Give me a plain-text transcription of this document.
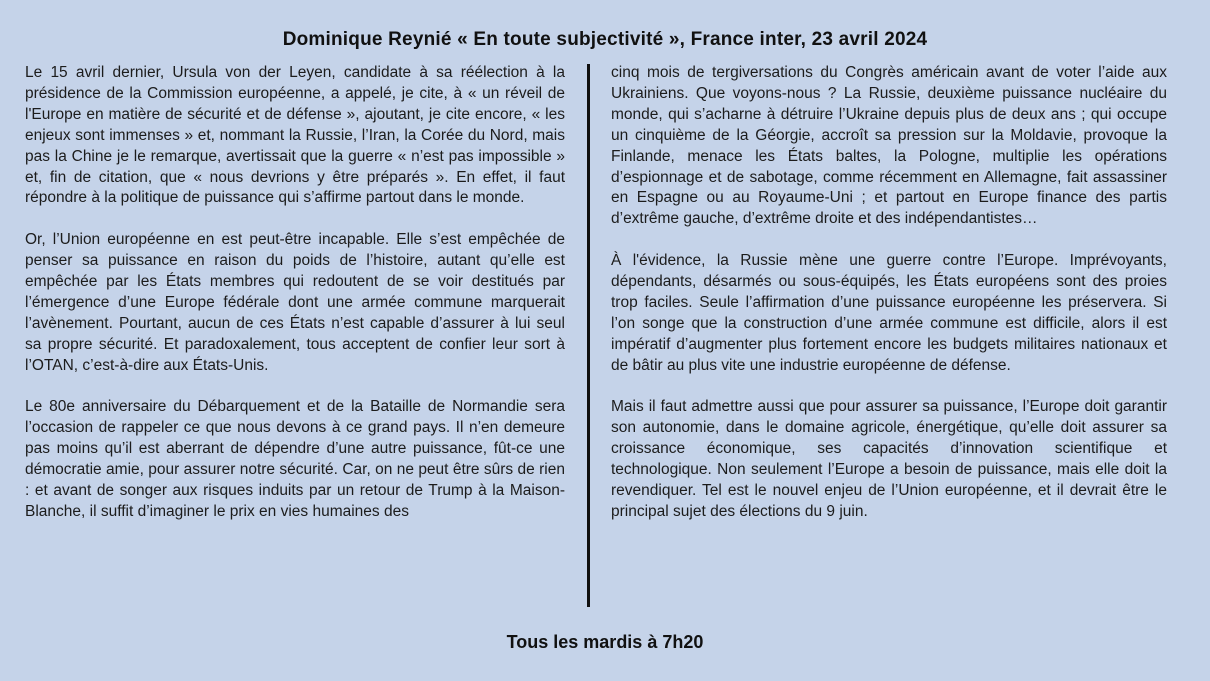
Dominique Reynié « En toute subjectivité », France inter, 23 avril 2024

Le 15 avril dernier, Ursula von der Leyen, candidate à sa réélection à la présidence de la Commission européenne, a appelé, je cite, à « un réveil de l'Europe en matière de sécurité et de défense », ajoutant, je cite encore, « les enjeux sont immenses » et, nommant la Russie, l’Iran, la Corée du Nord, mais pas la Chine je le remarque, avertissait que la guerre « n’est pas impossible » et, fin de citation, que « nous devrions y être préparés ». En effet, il faut répondre à la politique de puissance qui s’affirme partout dans le monde.

Or, l’Union européenne en est peut-être incapable. Elle s’est empêchée de penser sa puissance en raison du poids de l’histoire, autant qu’elle est empêchée par les États membres qui redoutent de se voir destitués par l’émergence d’une Europe fédérale dont une armée commune marquerait l’avènement. Pourtant, aucun de ces États n’est capable d’assurer à lui seul sa propre sécurité. Et paradoxalement, tous acceptent de confier leur sort à l’OTAN, c’est-à-dire aux États-Unis.

Le 80e anniversaire du Débarquement et de la Bataille de Normandie sera l’occasion de rappeler ce que nous devons à ce grand pays. Il n’en demeure pas moins qu’il est aberrant de dépendre d’une autre puissance, fût-ce une démocratie amie, pour assurer notre sécurité. Car, on ne peut être sûrs de rien : et avant de songer aux risques induits par un retour de Trump à la Maison-Blanche, il suffit d’imaginer le prix en vies humaines des

cinq mois de tergiversations du Congrès américain avant de voter l’aide aux Ukrainiens. Que voyons-nous ? La Russie, deuxième puissance nucléaire du monde, qui s’acharne à détruire l’Ukraine depuis plus de deux ans ; qui occupe un cinquième de la Géorgie, accroît sa pression sur la Moldavie, provoque la Finlande, menace les États baltes, la Pologne, multiplie les opérations d’espionnage et de sabotage, comme récemment en Allemagne, fait assassiner en Espagne ou au Royaume-Uni ; et partout en Europe finance des partis d’extrême gauche, d’extrême droite et des indépendantistes…

À l'évidence, la Russie mène une guerre contre l’Europe. Imprévoyants, dépendants, désarmés ou sous-équipés, les États européens sont des proies trop faciles. Seule l’affirmation d’une puissance européenne les préservera. Si l’on songe que la construction d’une armée commune est difficile, alors il est impératif d’augmenter plus fortement encore les budgets militaires nationaux et de bâtir au plus vite une industrie européenne de défense.

Mais il faut admettre aussi que pour assurer sa puissance, l’Europe doit garantir son autonomie, dans le domaine agricole, énergétique, qu’elle doit assurer sa croissance économique, ses capacités d’innovation scientifique et technologique. Non seulement l’Europe a besoin de puissance, mais elle doit la revendiquer. Tel est le nouvel enjeu de l’Union européenne, et il devrait être le principal sujet des élections du 9 juin.

Tous les mardis à 7h20
